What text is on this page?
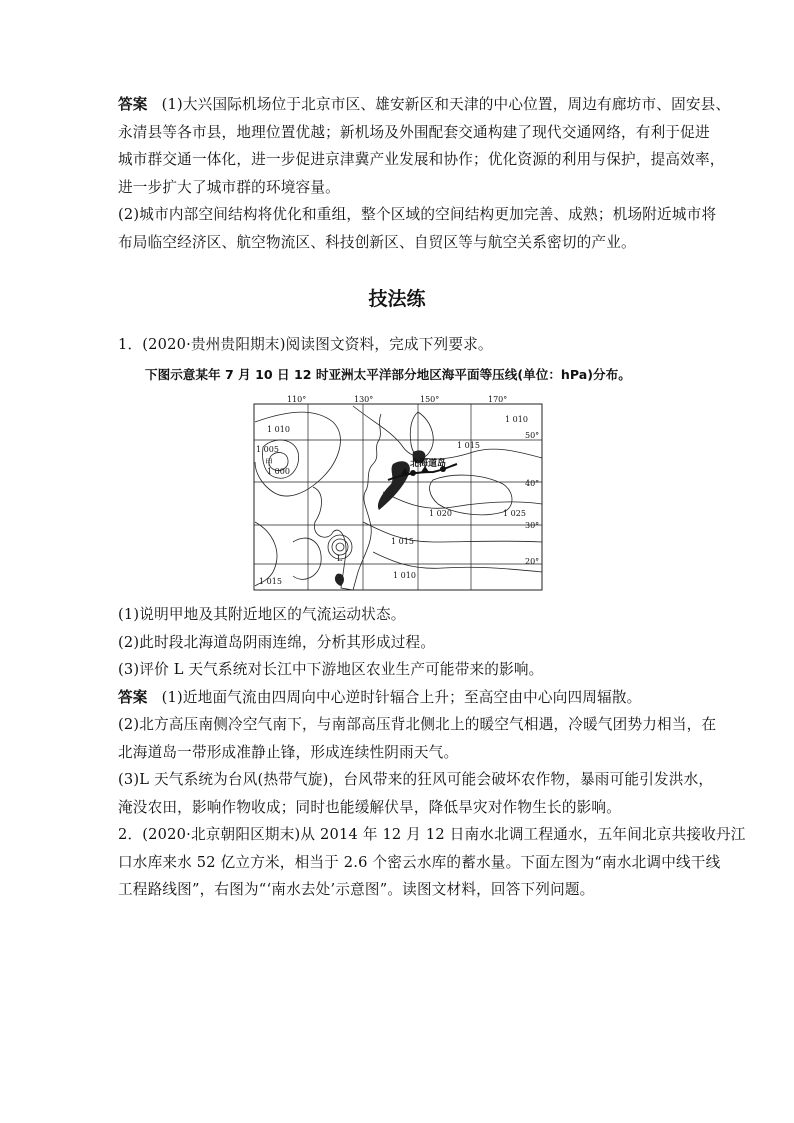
答案 (1)大兴国际机场位于北京市区、雄安新区和天津的中心位置，周边有廊坊市、固安县、
永清县等各市县，地理位置优越；新机场及外围配套交通构建了现代交通网络，有利于促进
城市群交通一体化，进一步促进京津冀产业发展和协作；优化资源的利用与保护，提高效率，
进一步扩大了城市群的环境容量。
(2)城市内部空间结构将优化和重组，整个区域的空间结构更加完善、成熟；机场附近城市将
布局临空经济区、航空物流区、科技创新区、自贸区等与航空关系密切的产业。
技法练
1．(2020·贵州贵阳期末)阅读图文资料，完成下列要求。
下图示意某年 7 月 10 日 12 时亚洲太平洋部分地区海平面等压线(单位：hPa)分布。
110°	130°	150°	170°
50°
40°
30°
20°
1 010
1 005
1 000
甲
1 015
1 020	1 025
1 015
1 010
1 010
1 015
L
北海道岛
(1)说明甲地及其附近地区的气流运动状态。
(2)此时段北海道岛阴雨连绵，分析其形成过程。
(3)评价 L 天气系统对长江中下游地区农业生产可能带来的影响。
答案 (1)近地面气流由四周向中心逆时针辐合上升；至高空由中心向四周辐散。
(2)北方高压南侧冷空气南下，与南部高压背北侧北上的暖空气相遇，冷暖气团势力相当，在
北海道岛一带形成准静止锋，形成连续性阴雨天气。
(3)L 天气系统为台风(热带气旋)，台风带来的狂风可能会破坏农作物，暴雨可能引发洪水，
淹没农田，影响作物收成；同时也能缓解伏旱，降低旱灾对作物生长的影响。
2．(2020·北京朝阳区期末)从 2014 年 12 月 12 日南水北调工程通水，五年间北京共接收丹江
口水库来水 52 亿立方米，相当于 2.6 个密云水库的蓄水量。下面左图为“南水北调中线干线
工程路线图”，右图为“‘南水去处’示意图”。读图文材料，回答下列问题。
